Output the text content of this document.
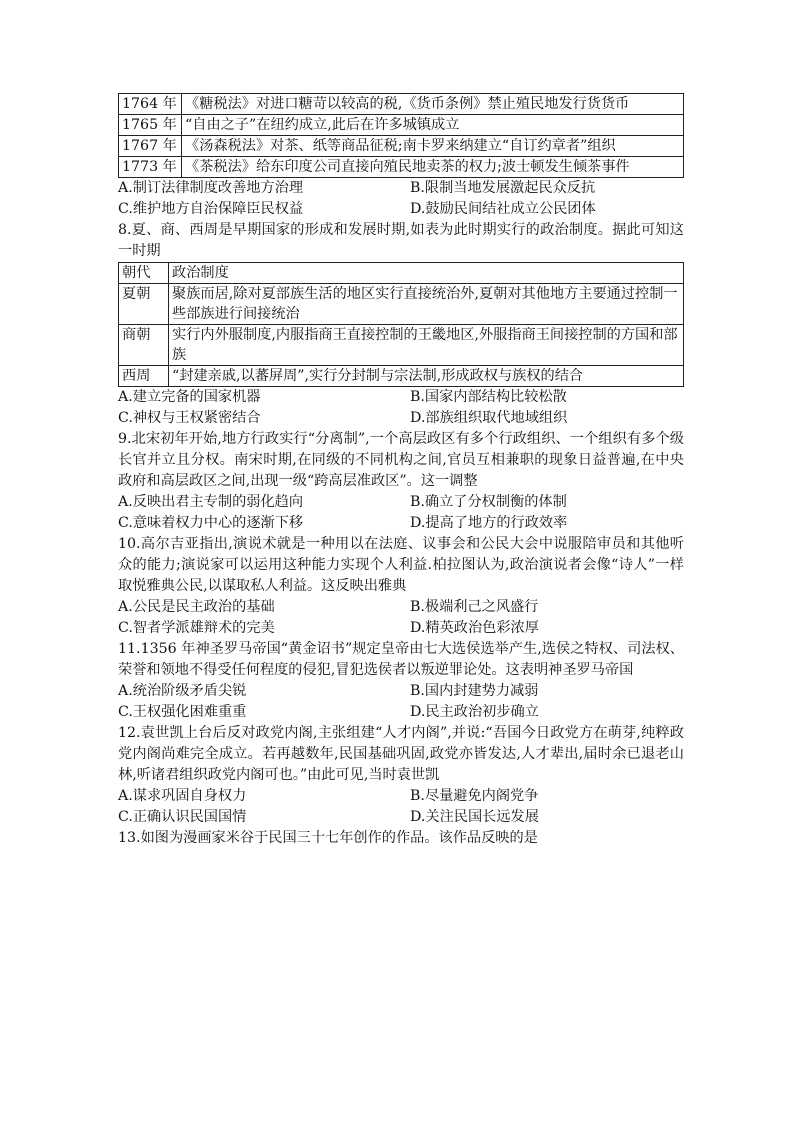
1764 年	《糖税法》对进口糖苛以较高的税,《货币条例》禁止殖民地发行货货币
1765 年	“自由之子”在纽约成立,此后在许多城镇成立
1767 年	《汤森税法》对茶、纸等商品征税;南卡罗来纳建立“自订约章者”组织
1773 年	《茶税法》给东印度公司直接向殖民地卖茶的权力;波士顿发生倾茶事件
A.制订法律制度改善地方治理	B.限制当地发展激起民众反抗
C.维护地方自治保障臣民权益	D.鼓励民间结社成立公民团体
8.夏、商、西周是早期国家的形成和发展时期,如表为此时期实行的政治制度。据此可知这一时期
朝代	政治制度
夏朝	聚族而居,除对夏部族生活的地区实行直接统治外,夏朝对其他地方主要通过控制一些部族进行间接统治
商朝	实行内外服制度,内服指商王直接控制的王畿地区,外服指商王间接控制的方国和部族
西周	“封建亲戚,以蕃屏周”,实行分封制与宗法制,形成政权与族权的结合
A.建立完备的国家机器	B.国家内部结构比较松散
C.神权与王权紧密结合	D.部族组织取代地域组织
9.北宋初年开始,地方行政实行“分离制”,一个高层政区有多个行政组织、一个组织有多个级长官并立且分权。南宋时期,在同级的不同机构之间,官员互相兼职的现象日益普遍,在中央政府和高层政区之间,出现一级“跨高层准政区”。这一调整
A.反映出君主专制的弱化趋向	B.确立了分权制衡的体制
C.意味着权力中心的逐渐下移	D.提高了地方的行政效率
10.高尔吉亚指出,演说术就是一种用以在法庭、议事会和公民大会中说服陪审员和其他听众的能力;演说家可以运用这种能力实现个人利益.柏拉图认为,政治演说者会像“诗人”一样取悦雅典公民,以谋取私人利益。这反映出雅典
A.公民是民主政治的基础	B.极端利己之风盛行
C.智者学派雄辩术的完美	D.精英政治色彩浓厚
11.1356 年神圣罗马帝国“黄金诏书”规定皇帝由七大选侯选举产生,选侯之特权、司法权、荣誉和领地不得受任何程度的侵犯,冒犯选侯者以叛逆罪论处。这表明神圣罗马帝国
A.统治阶级矛盾尖锐	B.国内封建势力减弱
C.王权强化困难重重	D.民主政治初步确立
12.袁世凯上台后反对政党内阁,主张组建“人才内阁”,并说:“吾国今日政党方在萌芽,纯粹政党内阁尚难完全成立。若再越数年,民国基础巩固,政党亦皆发达,人才辈出,届时余已退老山林,听诸君组织政党内阁可也。”由此可见,当时袁世凯
A.谋求巩固自身权力	B.尽量避免内阁党争
C.正确认识民国国情	D.关注民国长远发展
13.如图为漫画家米谷于民国三十七年创作的作品。该作品反映的是
